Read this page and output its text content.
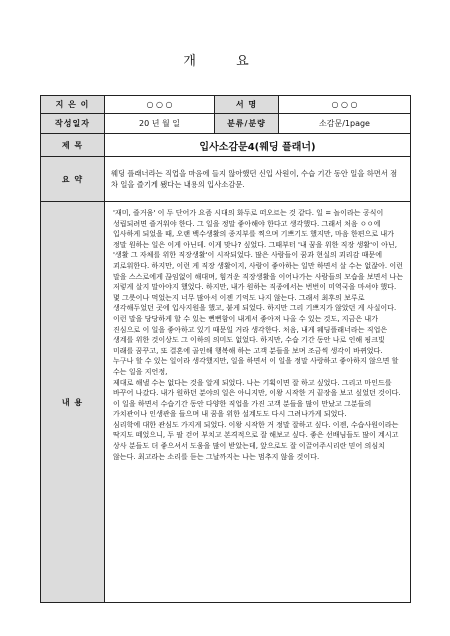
개 요
지 은 이	○ ○ ○	서 명	○ ○ ○
작성일자	20 년 월 일	분류/분량	소감문/1page
제 목	입사소감문4(웨딩 플래너)		
요 약	웨딩 플래너라는 직업을 마음에 들지 않아했던 신입 사원이, 수습 기간 동안 일을 하면서 점차 일을 즐기게 됐다는 내용의 입사소감문.		
내 용	'재미, 즐거움' 이 두 단어가 요즘 시대의 화두로 떠오르는 것 같다. 일 = 놀이라는 공식이 성립되려면 즐거워야 한다. 그 일을 정말 좋아해야 한다고 생각했다. 그래서 처음 ㅇㅇ에 입사하게 되었을 때, 오랜 백수생활의 종지부를 찍으며 기쁘기도 했지만, 마음 한편으로 내가 정말 원하는 일은 이게 아닌데. 이게 맞나? 싶었다. 그때부터 '내 꿈을 위한 직장 생활'이 아닌, '생활 그 자체를 위한 직장생활'이 시작되었다. 많은 사람들이 꿈과 현실의 괴리감 때문에 괴로워한다. 하지만, 이런 게 직장 생활이지, 사람이 좋아하는 일만 하면서 살 수는 없잖아. 이런 말을 스스로에게 끊임없이 해대며, 힘겨운 직장생활을 이어나가는 사람들의 모습을 보면서 나는 저렇게 살지 말아야지 했었다. 하지만, 내가 원하는 직종에서는 번번이 미역국을 마셔야 했다. 몇 그릇이나 먹었는지 너무 많아서 이젠 기억도 나지 않는다. 그래서 최후의 보루로 생각해두었던 곳에 입사지원을 했고, 붙게 되었다. 하지만 그리 기쁘지가 않았던 게 사실이다. 이런 말을 당당하게 할 수 있는 뻔뻔함이 내게서 좋아져 나올 수 있는 것도, 지금은 내가 진심으로 이 일을 좋아하고 있기 때문일 거라 생각한다. 처음, 내게 웨딩플래너라는 직업은 생계를 위한 것이상도 그 이하의 의미도 없었다. 하지만, 수습 기간 동안 나로 인해 핑크빛 미래를 꿈꾸고, 또 결혼에 골인해 행복해 하는 고객 분들을 보며 조금씩 생각이 바뀌었다. 누구나 할 수 있는 일이라 생각했지만, 일을 하면서 이 일을 정말 사랑하고 좋아하지 않으면 할 수는 일을 지언정,

제대로 해낼 수는 없다는 것을 알게 되었다. 나는 기획이면 잘 하고 싶었다. 그리고 마인드를 바꾸어 나갔다. 내가 원하던 분야의 일은 아니지만, 이왕 시작한 거 끝장을 보고 싶었던 것이다. 이 일을 하면서 수습기간 동안 다양한 직업을 가진 고객 분들을 많이 만났고 그분들의 가치관이나 인생관을 들으며 내 꿈을 위한 설계도도 다시 그려나가게 되었다.

심리학에 대한 관심도 가지게 되었다. 이왕 시작한 거 정말 잘하고 싶다. 이젠, 수습사원이라는 딱지도 떼었으니, 두 팔 걷어 부치고 본격적으로 잘 해보고 싶다. 좋은 선배님들도 많이 계시고 상사 분들도 더 좋으셔서 도움을 많이 받았는데, 앞으로도 잘 이끌어주시리란 믿어 의심치 않는다. 최고라는 소리를 듣는 그날까지는 나는 멈추지 않을 것이다.		
